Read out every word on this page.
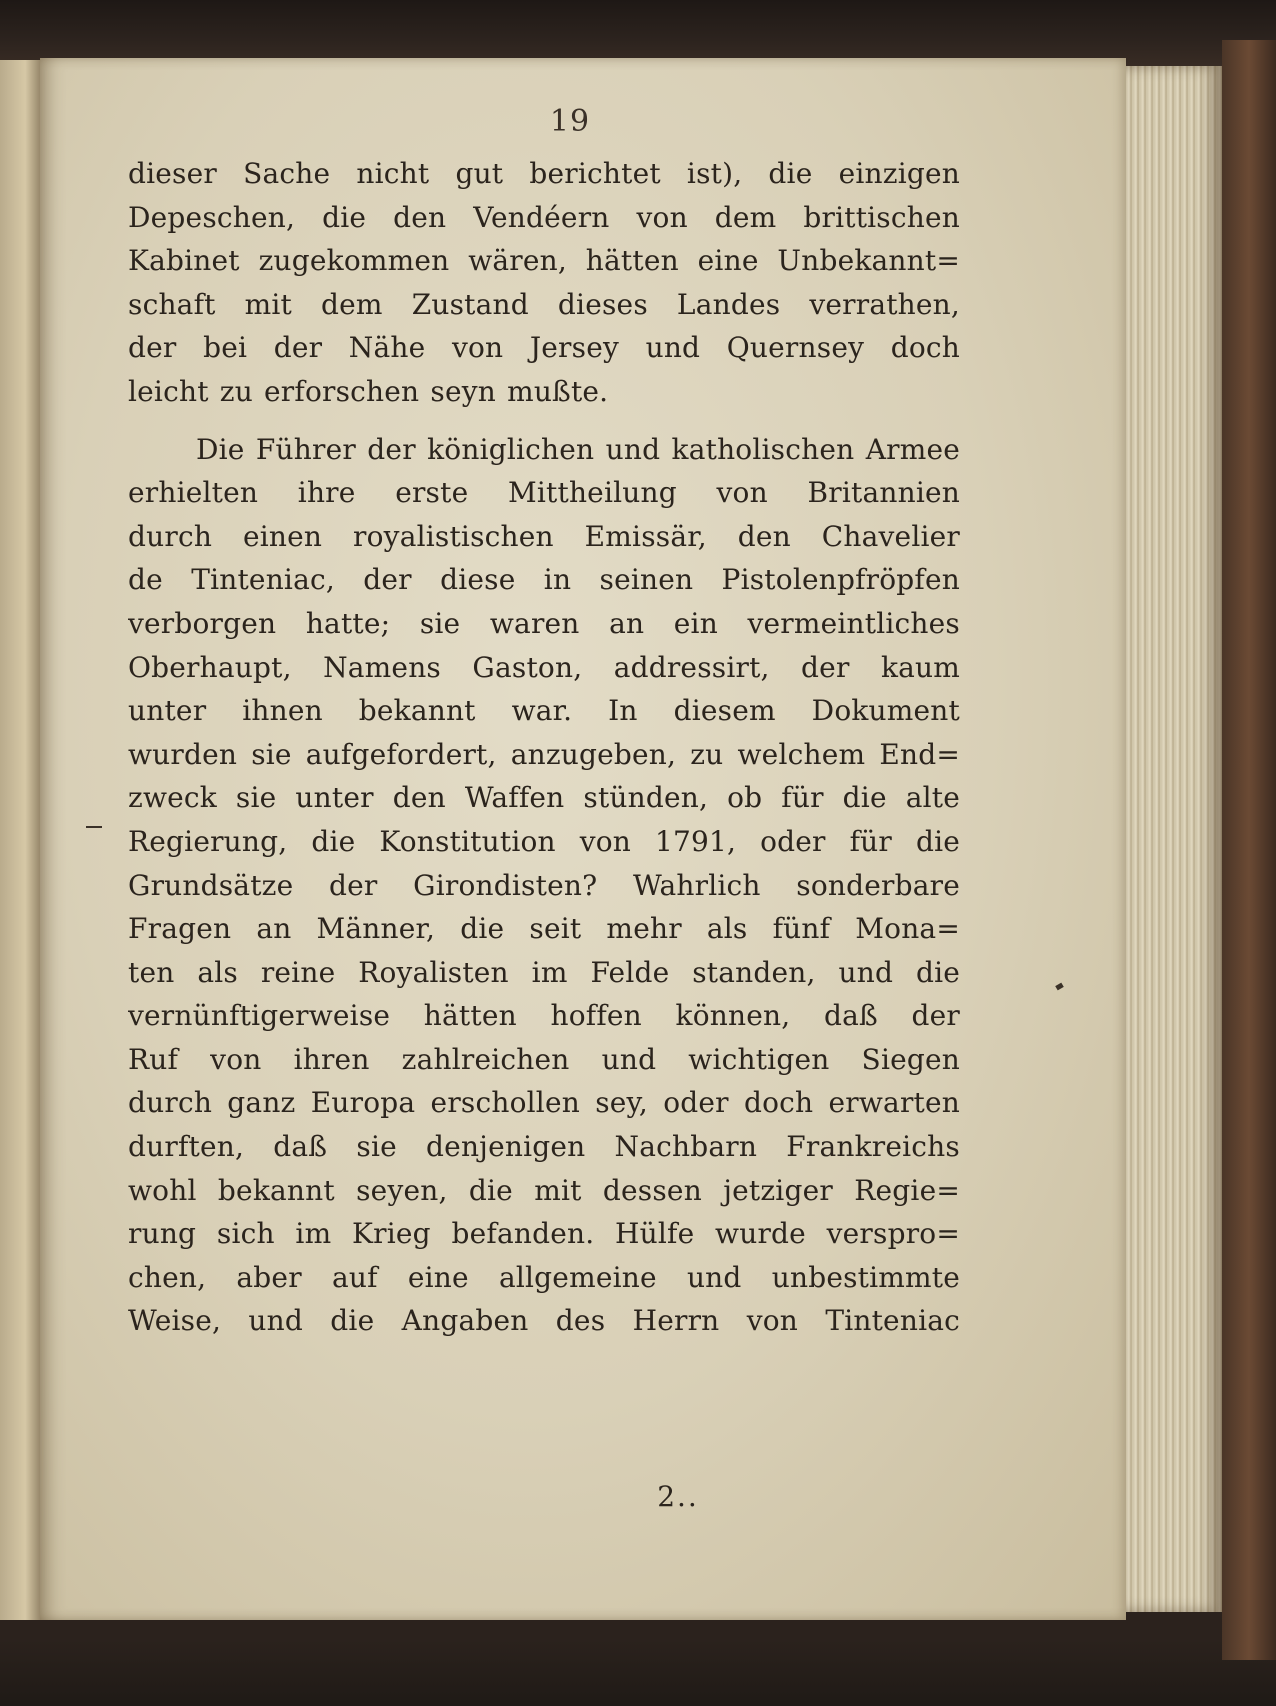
19
dieser Sache nicht gut berichtet ist), die einzigen
Depeschen, die den Vendéern von dem brittischen
Kabinet zugekommen wären, hätten eine Unbekannt=
schaft mit dem Zustand dieses Landes verrathen,
der bei der Nähe von Jersey und Quernsey doch
leicht zu erforschen seyn mußte.
Die Führer der königlichen und katholischen Armee
erhielten ihre erste Mittheilung von Britannien
durch einen royalistischen Emissär, den Chavelier
de Tinteniac, der diese in seinen Pistolenpfröpfen
verborgen hatte; sie waren an ein vermeintliches
Oberhaupt, Namens Gaston, addressirt, der kaum
unter ihnen bekannt war. In diesem Dokument
wurden sie aufgefordert, anzugeben, zu welchem End=
zweck sie unter den Waffen stünden, ob für die alte
Regierung, die Konstitution von 1791, oder für die
Grundsätze der Girondisten? Wahrlich sonderbare
Fragen an Männer, die seit mehr als fünf Mona=
ten als reine Royalisten im Felde standen, und die
vernünftigerweise hätten hoffen können, daß der
Ruf von ihren zahlreichen und wichtigen Siegen
durch ganz Europa erschollen sey, oder doch erwarten
durften, daß sie denjenigen Nachbarn Frankreichs
wohl bekannt seyen, die mit dessen jetziger Regie=
rung sich im Krieg befanden. Hülfe wurde verspro=
chen, aber auf eine allgemeine und unbestimmte
Weise, und die Angaben des Herrn von Tinteniac
2..
